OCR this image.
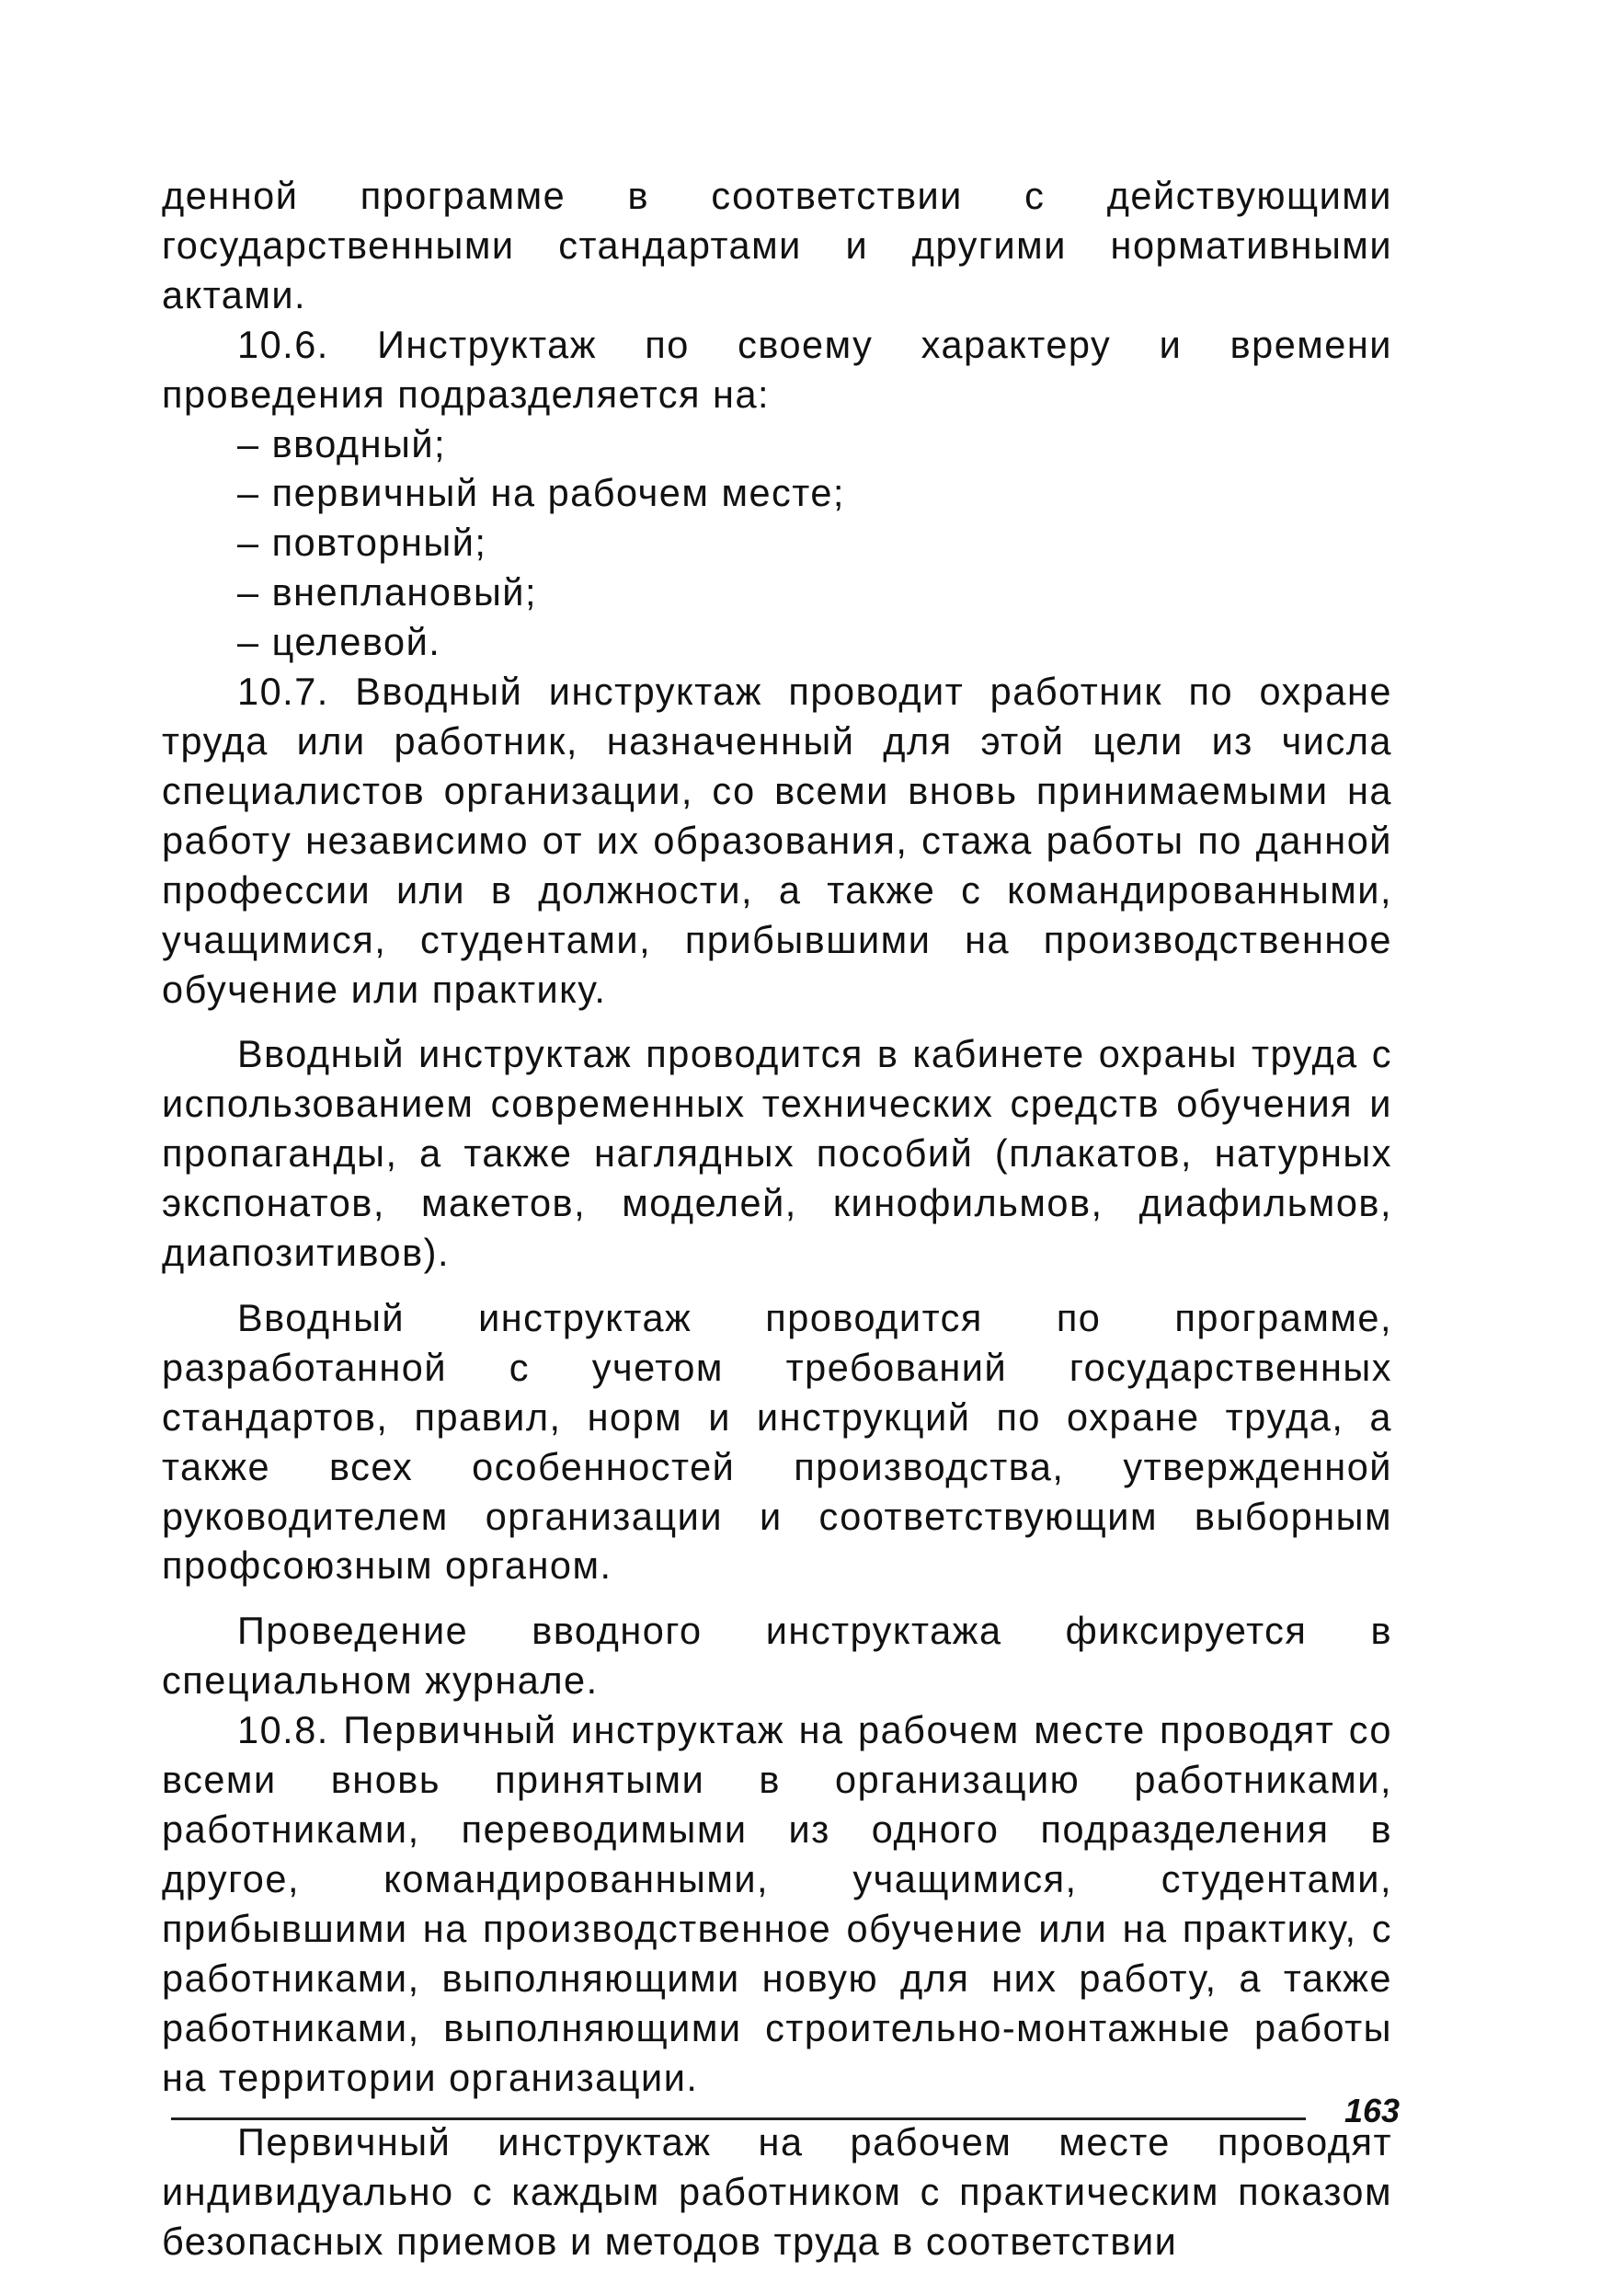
денной программе в соответствии с действующими государственными стандартами и другими нормативными актами.

10.6. Инструктаж по своему характеру и времени проведения подразделяется на:

– вводный;
– первичный на рабочем месте;
– повторный;
– внеплановый;
– целевой.

10.7. Вводный инструктаж проводит работник по охране труда или работник, назначенный для этой цели из числа специалистов организации, со всеми вновь принимаемыми на работу независимо от их образования, стажа работы по данной профессии или в должности, а также с командированными, учащимися, студентами, прибывшими на производственное обучение или практику.

Вводный инструктаж проводится в кабинете охраны труда с использованием современных технических средств обучения и пропаганды, а также наглядных пособий (плакатов, натурных экспонатов, макетов, моделей, кинофильмов, диафильмов, диапозитивов).

Вводный инструктаж проводится по программе, разработанной с учетом требований государственных стандартов, правил, норм и инструкций по охране труда, а также всех особенностей производства, утвержденной руководителем организации и соответствующим выборным профсоюзным органом.

Проведение вводного инструктажа фиксируется в специальном журнале.

10.8. Первичный инструктаж на рабочем месте проводят со всеми вновь принятыми в организацию работниками, работниками, переводимыми из одного подразделения в другое, командированными, учащимися, студентами, прибывшими на производственное обучение или на практику, с работниками, выполняющими новую для них работу, а также работниками, выполняющими строительно-монтажные работы на территории организации.

Первичный инструктаж на рабочем месте проводят индивидуально с каждым работником с практическим показом безопасных приемов и методов труда в соответствии

163
